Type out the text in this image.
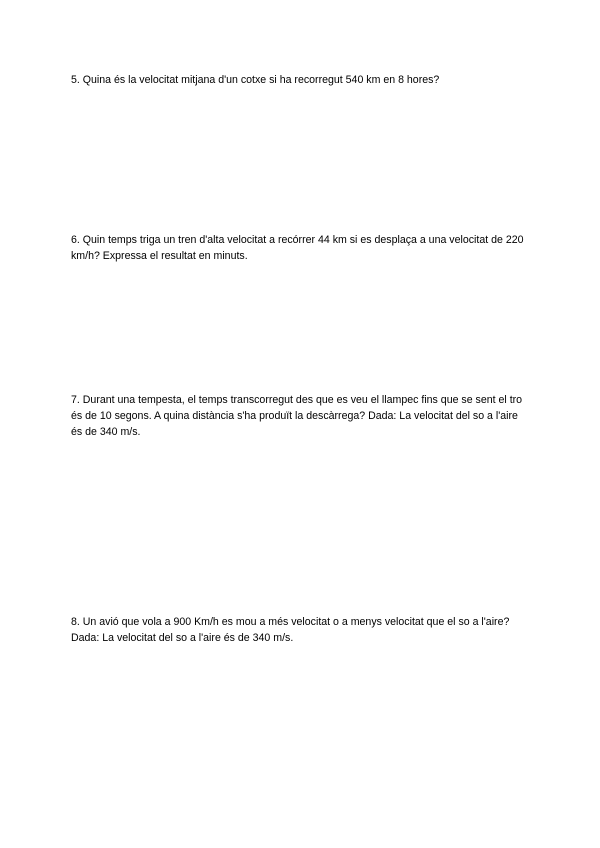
5. Quina és la velocitat mitjana d'un cotxe si ha recorregut 540 km en 8 hores?

6. Quin temps triga un tren d'alta velocitat a recórrer 44 km si es desplaça a una velocitat de 220 km/h? Expressa el resultat en minuts.

7. Durant una tempesta, el temps transcorregut des que es veu el llampec fins que se sent el tro és de 10 segons. A quina distància s'ha produït la descàrrega? Dada: La velocitat del so a l'aire és de 340 m/s.

8. Un avió que vola a 900 Km/h es mou a més velocitat o a menys velocitat que el so a l'aire? Dada: La velocitat del so a l'aire és de 340 m/s.
